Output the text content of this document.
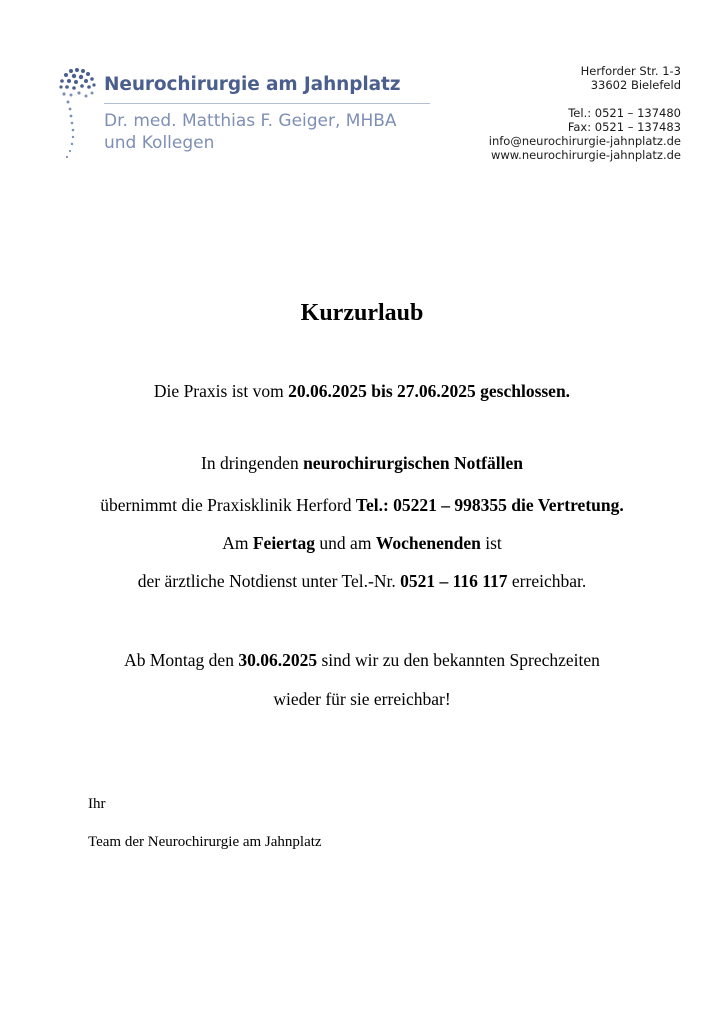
Neurochirurgie am Jahnplatz
Dr. med. Matthias F. Geiger, MHBA
und Kollegen
Herforder Str. 1-3
33602 Bielefeld
Tel.: 0521 – 137480
Fax: 0521 – 137483
info@neurochirurgie-jahnplatz.de
www.neurochirurgie-jahnplatz.de
Kurzurlaub
Die Praxis ist vom 20.06.2025 bis 27.06.2025 geschlossen.
In dringenden neurochirurgischen Notfällen
übernimmt die Praxisklinik Herford Tel.: 05221 – 998355 die Vertretung.
Am Feiertag und am Wochenenden ist
der ärztliche Notdienst unter Tel.-Nr. 0521 – 116 117 erreichbar.
Ab Montag den 30.06.2025 sind wir zu den bekannten Sprechzeiten
wieder für sie erreichbar!
Ihr
Team der Neurochirurgie am Jahnplatz
